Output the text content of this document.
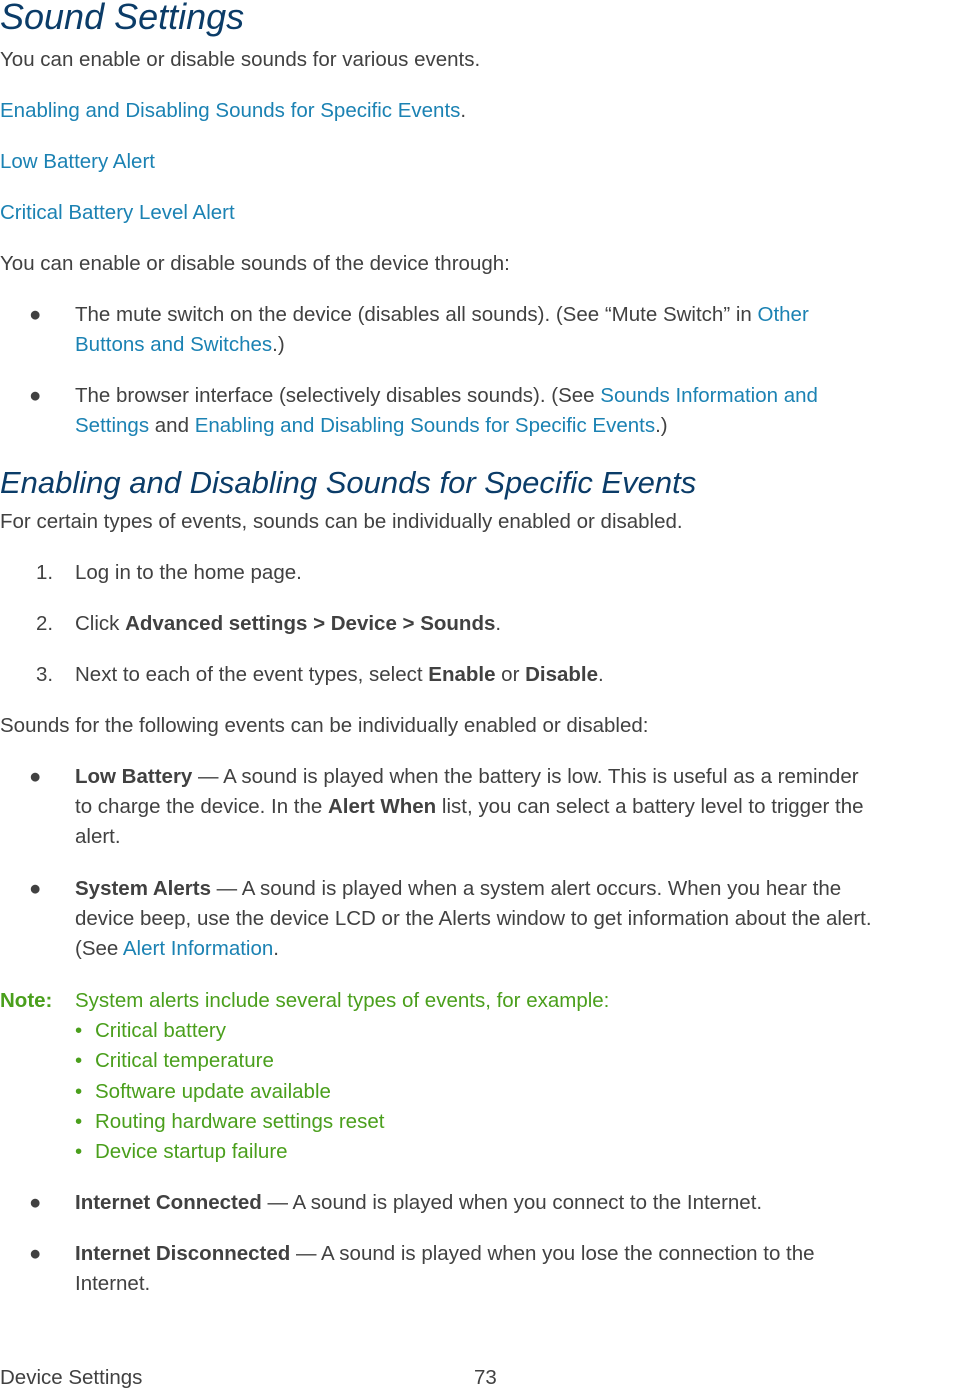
Sound Settings

You can enable or disable sounds for various events.

Enabling and Disabling Sounds for Specific Events.

Low Battery Alert

Critical Battery Level Alert

You can enable or disable sounds of the device through:

●	The mute switch on the device (disables all sounds). (See “Mute Switch” in Other
Buttons and Switches.)
●	The browser interface (selectively disables sounds). (See Sounds Information and
Settings and Enabling and Disabling Sounds for Specific Events.)
Enabling and Disabling Sounds for Specific Events

For certain types of events, sounds can be individually enabled or disabled.

1. Log in to the home page.
2. Click Advanced settings > Device > Sounds.
3. Next to each of the event types, select Enable or Disable.

Sounds for the following events can be individually enabled or disabled:

●	Low Battery — A sound is played when the battery is low. This is useful as a reminder
to charge the device. In the Alert When list, you can select a battery level to trigger the
alert.
●	System Alerts — A sound is played when a system alert occurs. When you hear the
device beep, use the device LCD or the Alerts window to get information about the alert.
(See Alert Information.
Note: System alerts include several types of events, for example:
• Critical battery
• Critical temperature
• Software update available
• Routing hardware settings reset
• Device startup failure
●	Internet Connected — A sound is played when you connect to the Internet.
●	Internet Disconnected — A sound is played when you lose the connection to the
Internet.
Device Settings	73
